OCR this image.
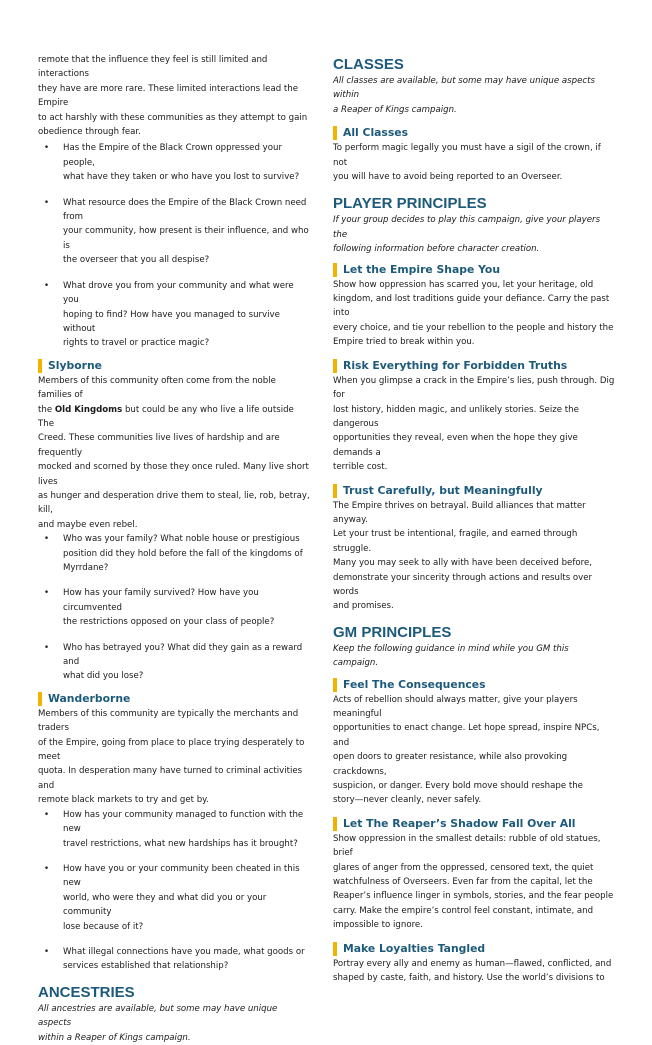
remote that the influence they feel is still limited and interactions
they have are more rare. These limited interactions lead the Empire
to act harshly with these communities as they attempt to gain
obedience through fear.

• Has the Empire of the Black Crown oppressed your people,
what have they taken or who have you lost to survive?
• What resource does the Empire of the Black Crown need from
your community, how present is their influence, and who is
the overseer that you all despise?
• What drove you from your community and what were you
hoping to find? How have you managed to survive without
rights to travel or practice magic?
Slyborne

Members of this community often come from the noble families of
the Old Kingdoms but could be any who live a life outside The
Creed. These communities live lives of hardship and are frequently
mocked and scorned by those they once ruled. Many live short lives
as hunger and desperation drive them to steal, lie, rob, betray, kill,
and maybe even rebel.

• Who was your family? What noble house or prestigious
position did they hold before the fall of the kingdoms of
Myrrdane?
• How has your family survived? How have you circumvented
the restrictions opposed on your class of people?
• Who has betrayed you? What did they gain as a reward and
what did you lose?
Wanderborne

Members of this community are typically the merchants and traders
of the Empire, going from place to place trying desperately to meet
quota. In desperation many have turned to criminal activities and
remote black markets to try and get by.

• How has your community managed to function with the new
travel restrictions, what new hardships has it brought?
• How have you or your community been cheated in this new
world, who were they and what did you or your community
lose because of it?
• What illegal connections have you made, what goods or
services established that relationship?
ANCESTRIES

All ancestries are available, but some may have unique aspects
within a Reaper of Kings campaign.

CLASSES

All classes are available, but some may have unique aspects within
a Reaper of Kings campaign.

All Classes

To perform magic legally you must have a sigil of the crown, if not
you will have to avoid being reported to an Overseer.

PLAYER PRINCIPLES

If your group decides to play this campaign, give your players the
following information before character creation.

Let the Empire Shape You

Show how oppression has scarred you, let your heritage, old
kingdom, and lost traditions guide your defiance. Carry the past into
every choice, and tie your rebellion to the people and history the
Empire tried to break within you.

Risk Everything for Forbidden Truths

When you glimpse a crack in the Empire’s lies, push through. Dig for
lost history, hidden magic, and unlikely stories. Seize the dangerous
opportunities they reveal, even when the hope they give demands a
terrible cost.

Trust Carefully, but Meaningfully

The Empire thrives on betrayal. Build alliances that matter anyway.
Let your trust be intentional, fragile, and earned through struggle.
Many you may seek to ally with have been deceived before,
demonstrate your sincerity through actions and results over words
and promises.

GM PRINCIPLES

Keep the following guidance in mind while you GM this campaign.

Feel The Consequences

Acts of rebellion should always matter, give your players meaningful
opportunities to enact change. Let hope spread, inspire NPCs, and
open doors to greater resistance, while also provoking crackdowns,
suspicion, or danger. Every bold move should reshape the
story—never cleanly, never safely.

Let The Reaper’s Shadow Fall Over All

Show oppression in the smallest details: rubble of old statues, brief
glares of anger from the oppressed, censored text, the quiet
watchfulness of Overseers. Even far from the capital, let the
Reaper’s influence linger in symbols, stories, and the fear people
carry. Make the empire’s control feel constant, intimate, and
impossible to ignore.

Make Loyalties Tangled

Portray every ally and enemy as human—flawed, conflicted, and
shaped by caste, faith, and history. Use the world’s divisions to
